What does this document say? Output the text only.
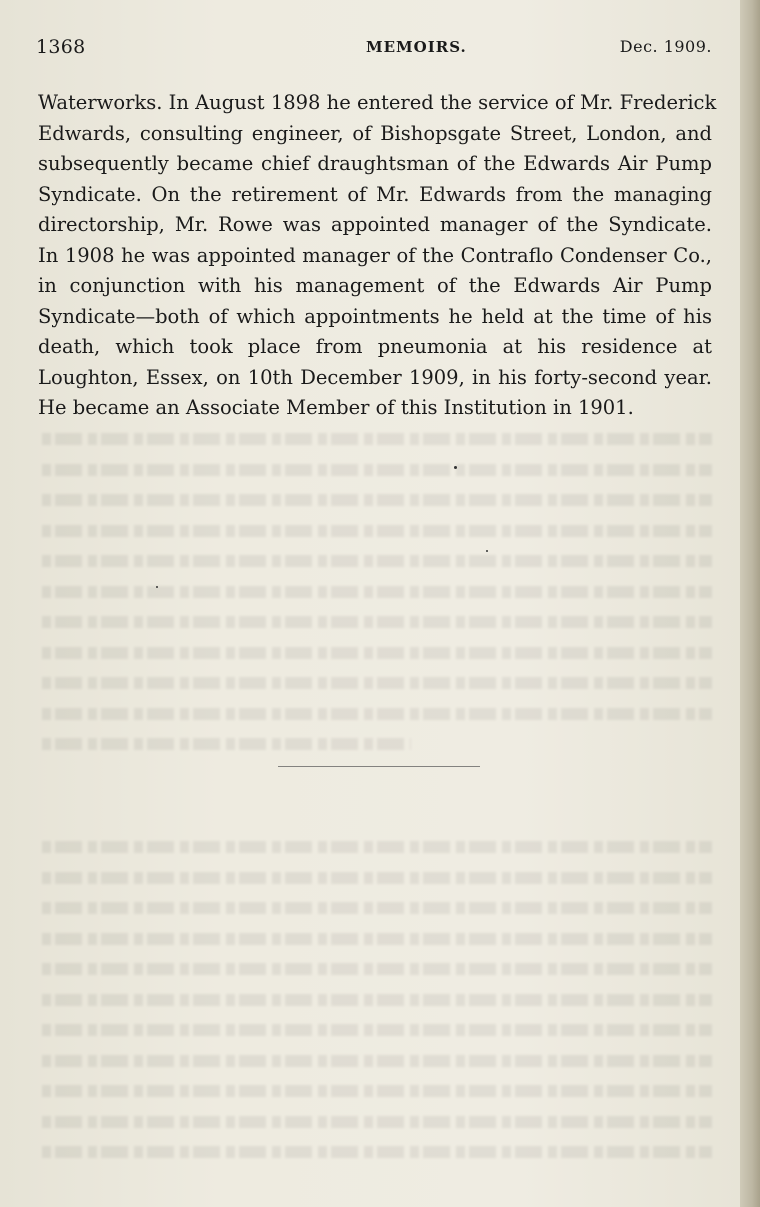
1368	MEMOIRS.	Dec. 1909.
Waterworks. In August 1898 he entered the service of Mr. Frederick
Edwards, consulting engineer, of Bishopsgate Street, London, and
subsequently became chief draughtsman of the Edwards Air Pump
Syndicate. On the retirement of Mr. Edwards from the managing
directorship, Mr. Rowe was appointed manager of the Syndicate.
In 1908 he was appointed manager of the Contraflo Condenser Co.,
in conjunction with his management of the Edwards Air Pump
Syndicate—both of which appointments he held at the time of his
death, which took place from pneumonia at his residence at
Loughton, Essex, on 10th December 1909, in his forty-second year.
He became an Associate Member of this Institution in 1901.
